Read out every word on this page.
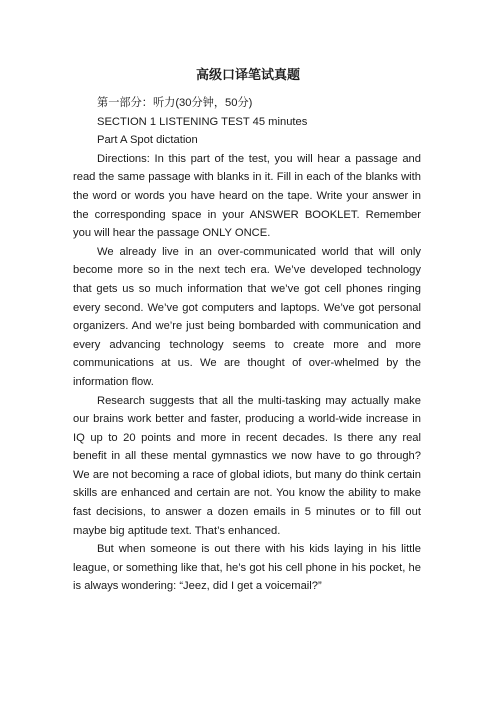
高级口译笔试真题

第一部分：听力(30分钟，50分)

SECTION 1 LISTENING TEST 45 minutes

Part A Spot dictation

Directions: In this part of the test, you will hear a passage and read the same passage with blanks in it. Fill in each of the blanks with the word or words you have heard on the tape. Write your answer in the corresponding space in your ANSWER BOOKLET. Remember you will hear the passage ONLY ONCE.

We already live in an over-communicated world that will only become more so in the next tech era. We’ve developed technology that gets us so much information that we’ve got cell phones ringing every second. We’ve got computers and laptops. We’ve got personal organizers. And we’re just being bombarded with communication and every advancing technology seems to create more and more communications at us. We are thought of over-whelmed by the information flow.

Research suggests that all the multi-tasking may actually make our brains work better and faster, producing a world-wide increase in IQ up to 20 points and more in recent decades. Is there any real benefit in all these mental gymnastics we now have to go through? We are not becoming a race of global idiots, but many do think certain skills are enhanced and certain are not. You know the ability to make fast decisions, to answer a dozen emails in 5 minutes or to fill out maybe big aptitude text. That’s enhanced.

But when someone is out there with his kids laying in his little league, or something like that, he’s got his cell phone in his pocket, he is always wondering: “Jeez, did I get a voicemail?”
